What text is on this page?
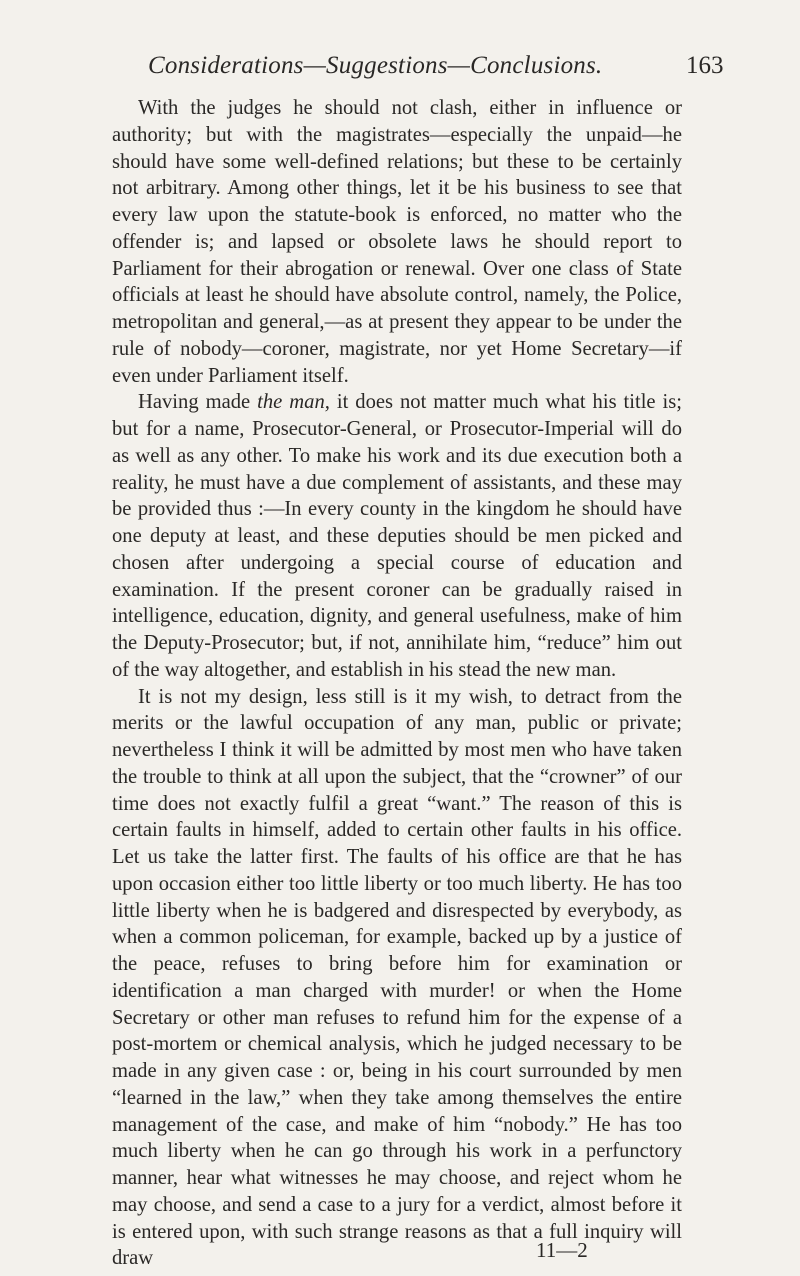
Considerations—Suggestions—Conclusions.	163

With the judges he should not clash, either in influence or authority; but with the magistrates—especially the unpaid—he should have some well-defined relations; but these to be certainly not arbitrary. Among other things, let it be his business to see that every law upon the statute-book is enforced, no matter who the offender is; and lapsed or obsolete laws he should report to Parliament for their abrogation or renewal. Over one class of State officials at least he should have absolute control, namely, the Police, metropolitan and general,—as at present they appear to be under the rule of nobody—coroner, magistrate, nor yet Home Secretary—if even under Parliament itself.

Having made the man, it does not matter much what his title is; but for a name, Prosecutor-General, or Prosecutor-Imperial will do as well as any other. To make his work and its due execution both a reality, he must have a due complement of assistants, and these may be provided thus :—In every county in the kingdom he should have one deputy at least, and these deputies should be men picked and chosen after undergoing a special course of education and examination. If the present coroner can be gradually raised in intelligence, education, dignity, and general usefulness, make of him the Deputy-Prosecutor; but, if not, annihilate him, “reduce” him out of the way altogether, and establish in his stead the new man.

It is not my design, less still is it my wish, to detract from the merits or the lawful occupation of any man, public or private; nevertheless I think it will be admitted by most men who have taken the trouble to think at all upon the subject, that the “crowner” of our time does not exactly fulfil a great “want.” The reason of this is certain faults in himself, added to certain other faults in his office. Let us take the latter first. The faults of his office are that he has upon occasion either too little liberty or too much liberty. He has too little liberty when he is badgered and disrespected by everybody, as when a common policeman, for example, backed up by a justice of the peace, refuses to bring before him for examination or identification a man charged with murder! or when the Home Secretary or other man refuses to refund him for the expense of a post-mortem or chemical analysis, which he judged necessary to be made in any given case : or, being in his court surrounded by men “learned in the law,” when they take among themselves the entire management of the case, and make of him “nobody.” He has too much liberty when he can go through his work in a perfunctory manner, hear what witnesses he may choose, and reject whom he may choose, and send a case to a jury for a verdict, almost before it is entered upon, with such strange reasons as that a full inquiry will draw	11—2
